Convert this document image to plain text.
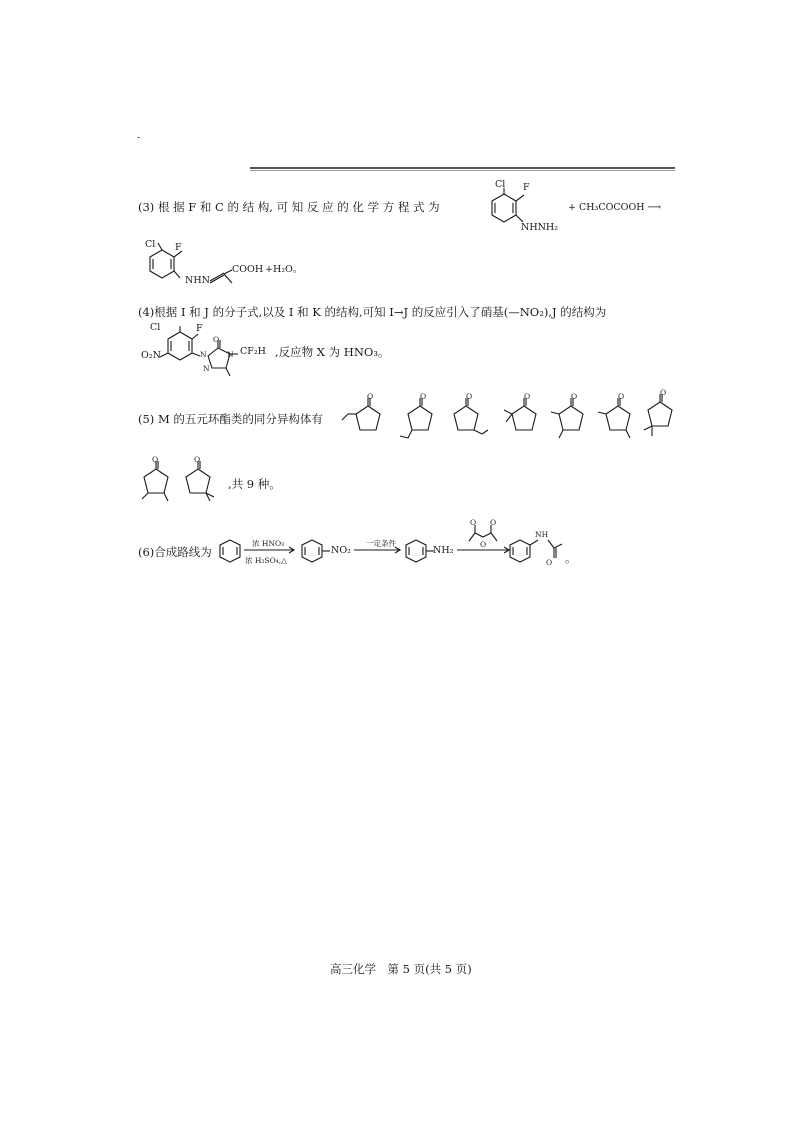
-
(3) 根 据 F 和 C 的 结 构, 可 知 反 应 的 化 学 方 程 式 为
Cl F
NHNH₂
+ CH₃COCOOH ⟶
Cl F
NHN
COOH +H₂O。
(4)根据 I 和 J 的分子式,以及 I 和 K 的结构,可知 I→J 的反应引入了硝基(—NO₂),J 的结构为
Cl	F
O₂N
O
N
N
N CF₂H ,反应物 X 为 HNO₃。
(5) M 的五元环酯类的同分异构体有
O	O	O	O	O	O	O
O	O
,共 9 种。
(6)合成路线为
浓 HNO₃
浓 H₂SO₄,△
NO₂
一定条件
NH₂
O
O
O
NH
O 。
高三化学　第 5 页(共 5 页)
